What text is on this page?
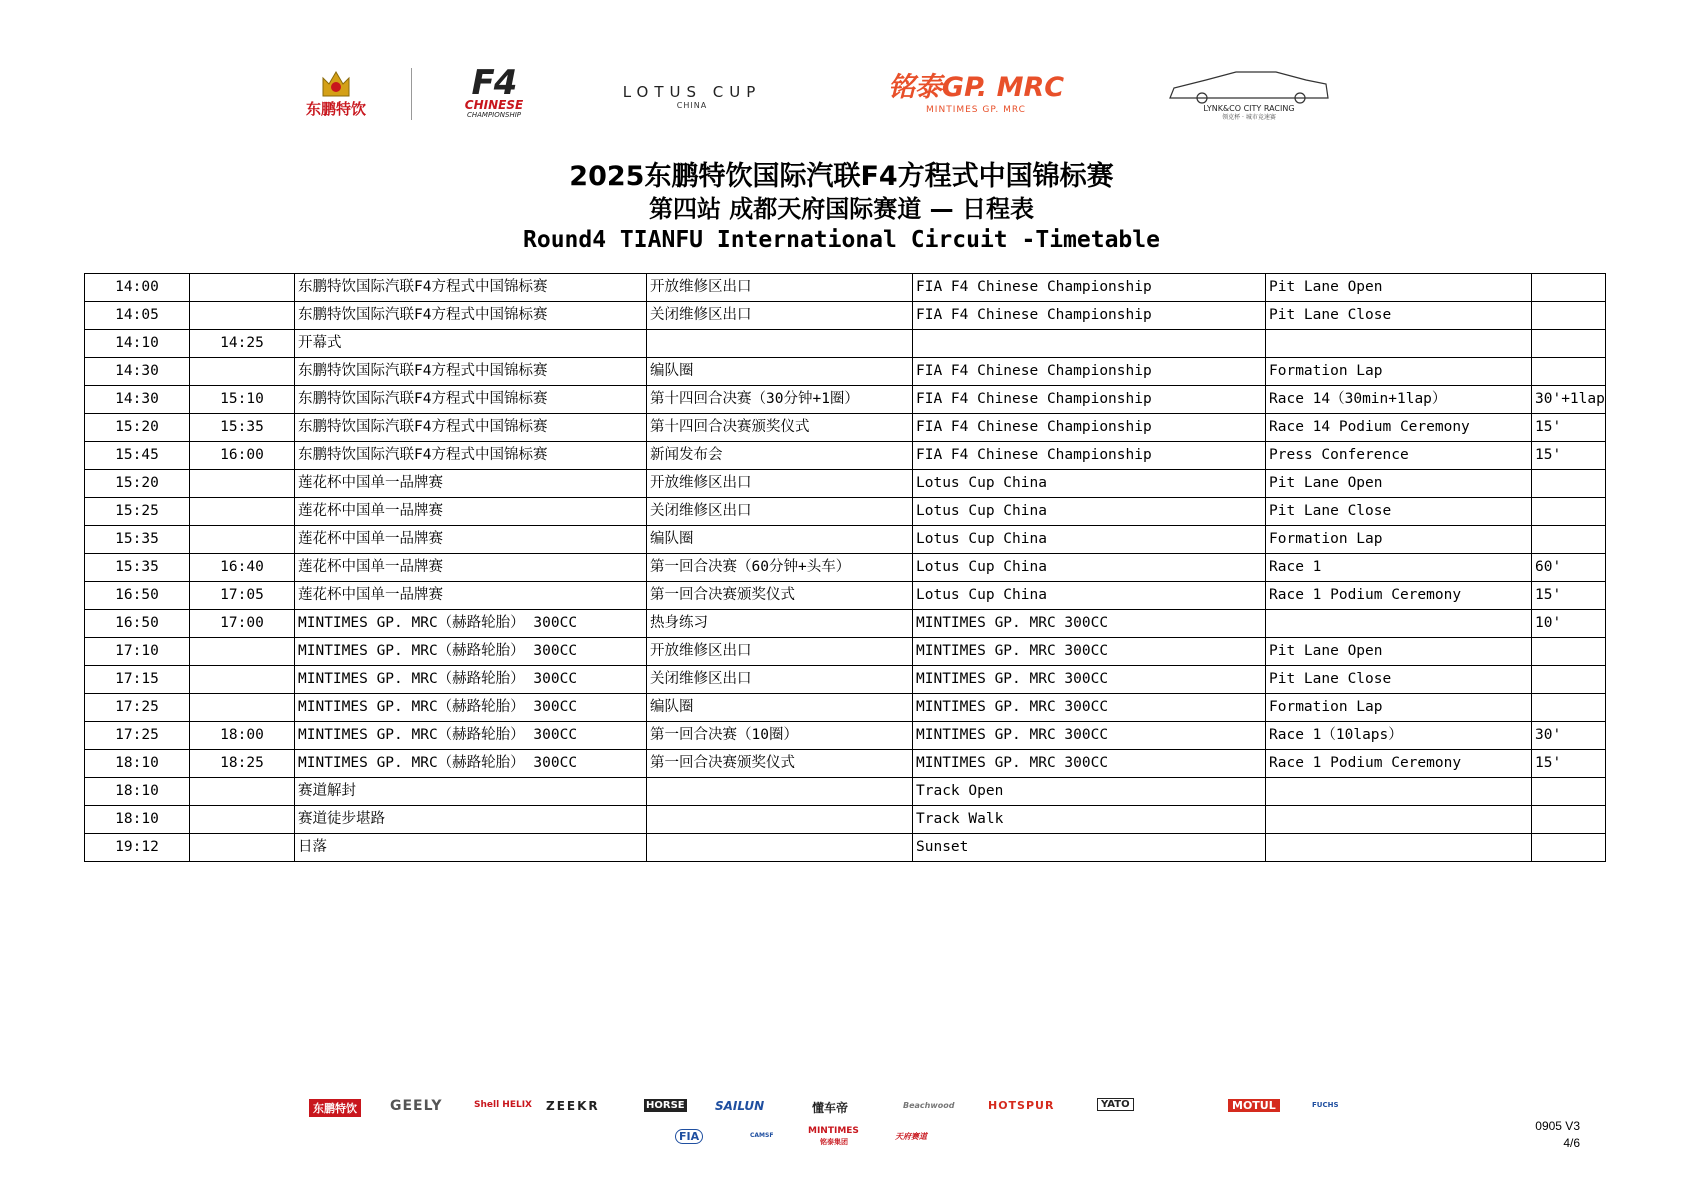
东鹏特饮
F4
CHINESE
CHAMPIONSHIP
LOTUS CUP
CHINA
铭泰GP. MRC
MINTIMES GP. MRC	LYNK&CO CITY RACING
领克杯 · 城市竞速赛
2025东鹏特饮国际汽联F4方程式中国锦标赛
第四站 成都天府国际赛道 — 日程表
Round4 TIANFU International Circuit -Timetable
14:00		东鹏特饮国际汽联F4方程式中国锦标赛	开放维修区出口	FIA F4 Chinese Championship	Pit Lane Open	
14:05		东鹏特饮国际汽联F4方程式中国锦标赛	关闭维修区出口	FIA F4 Chinese Championship	Pit Lane Close	
14:10	14:25	开幕式				
14:30		东鹏特饮国际汽联F4方程式中国锦标赛	编队圈	FIA F4 Chinese Championship	Formation Lap	
14:30	15:10	东鹏特饮国际汽联F4方程式中国锦标赛	第十四回合决赛（30分钟+1圈）	FIA F4 Chinese Championship	Race 14（30min+1lap）	30'+1lap
15:20	15:35	东鹏特饮国际汽联F4方程式中国锦标赛	第十四回合决赛颁奖仪式	FIA F4 Chinese Championship	Race 14 Podium Ceremony	15'
15:45	16:00	东鹏特饮国际汽联F4方程式中国锦标赛	新闻发布会	FIA F4 Chinese Championship	Press Conference	15'
15:20		莲花杯中国单一品牌赛	开放维修区出口	Lotus Cup China	Pit Lane Open	
15:25		莲花杯中国单一品牌赛	关闭维修区出口	Lotus Cup China	Pit Lane Close	
15:35		莲花杯中国单一品牌赛	编队圈	Lotus Cup China	Formation Lap	
15:35	16:40	莲花杯中国单一品牌赛	第一回合决赛（60分钟+头车）	Lotus Cup China	Race 1	60'
16:50	17:05	莲花杯中国单一品牌赛	第一回合决赛颁奖仪式	Lotus Cup China	Race 1 Podium Ceremony	15'
16:50	17:00	MINTIMES GP. MRC（赫路轮胎） 300CC	热身练习	MINTIMES GP. MRC 300CC		10'
17:10		MINTIMES GP. MRC（赫路轮胎） 300CC	开放维修区出口	MINTIMES GP. MRC 300CC	Pit Lane Open	
17:15		MINTIMES GP. MRC（赫路轮胎） 300CC	关闭维修区出口	MINTIMES GP. MRC 300CC	Pit Lane Close	
17:25		MINTIMES GP. MRC（赫路轮胎） 300CC	编队圈	MINTIMES GP. MRC 300CC	Formation Lap	
17:25	18:00	MINTIMES GP. MRC（赫路轮胎） 300CC	第一回合决赛（10圈）	MINTIMES GP. MRC 300CC	Race 1（10laps）	30'
18:10	18:25	MINTIMES GP. MRC（赫路轮胎） 300CC	第一回合决赛颁奖仪式	MINTIMES GP. MRC 300CC	Race 1 Podium Ceremony	15'
18:10		赛道解封		Track Open		
18:10		赛道徒步堪路		Track Walk		
19:12		日落		Sunset		
东鹏特饮 GEELY	Shell HELIX ZEEKR	HORSE	SAILUN	懂车帝	Beachwood	HOTSPUR	YATO	MOTUL	FUCHS
FIA	CAMSF	MINTIMES
铭泰集团
天府赛道
0905 V3
4/6
